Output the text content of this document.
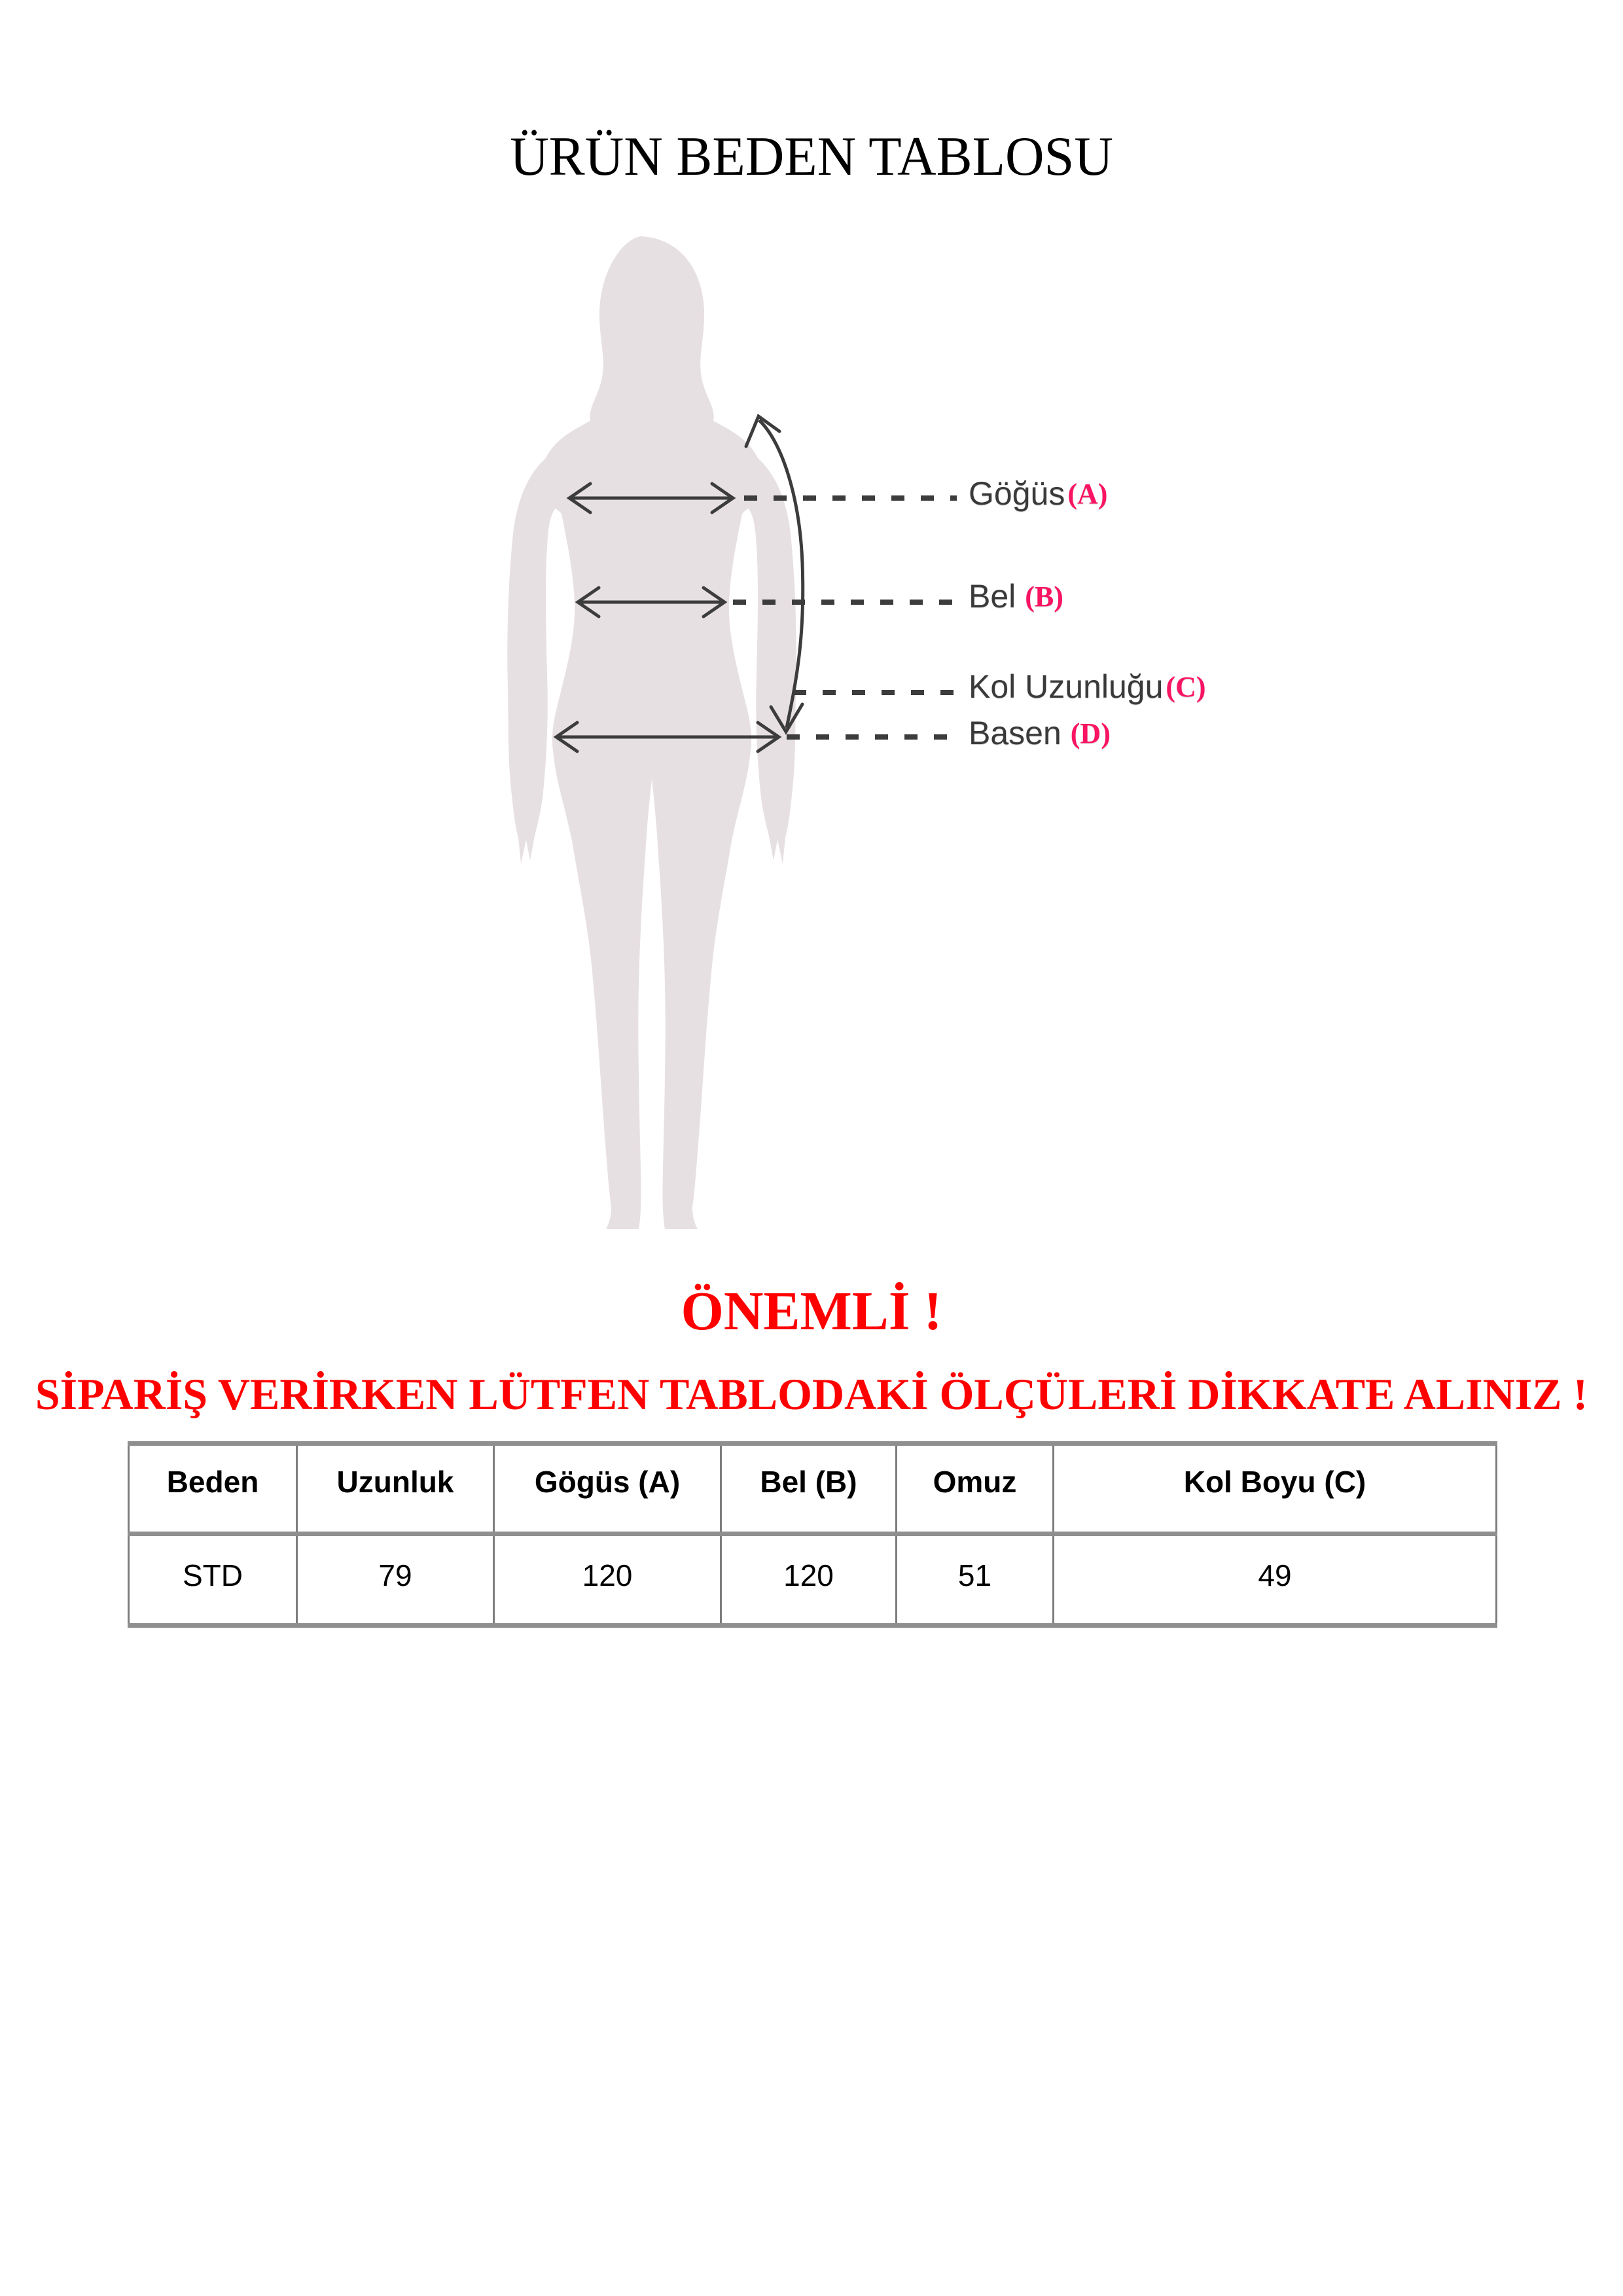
ÜRÜN BEDEN TABLOSU
Göğüs(A)
Bel (B)
Kol Uzunluğu(C)
Basen (D)
ÖNEMLİ !
SİPARİŞ VERİRKEN LÜTFEN TABLODAKİ ÖLÇÜLERİ DİKKATE ALINIZ !
Beden	Uzunluk	Gögüs (A)	Bel (B)	Omuz	Kol Boyu (C)
STD	79	120	120	51	49
